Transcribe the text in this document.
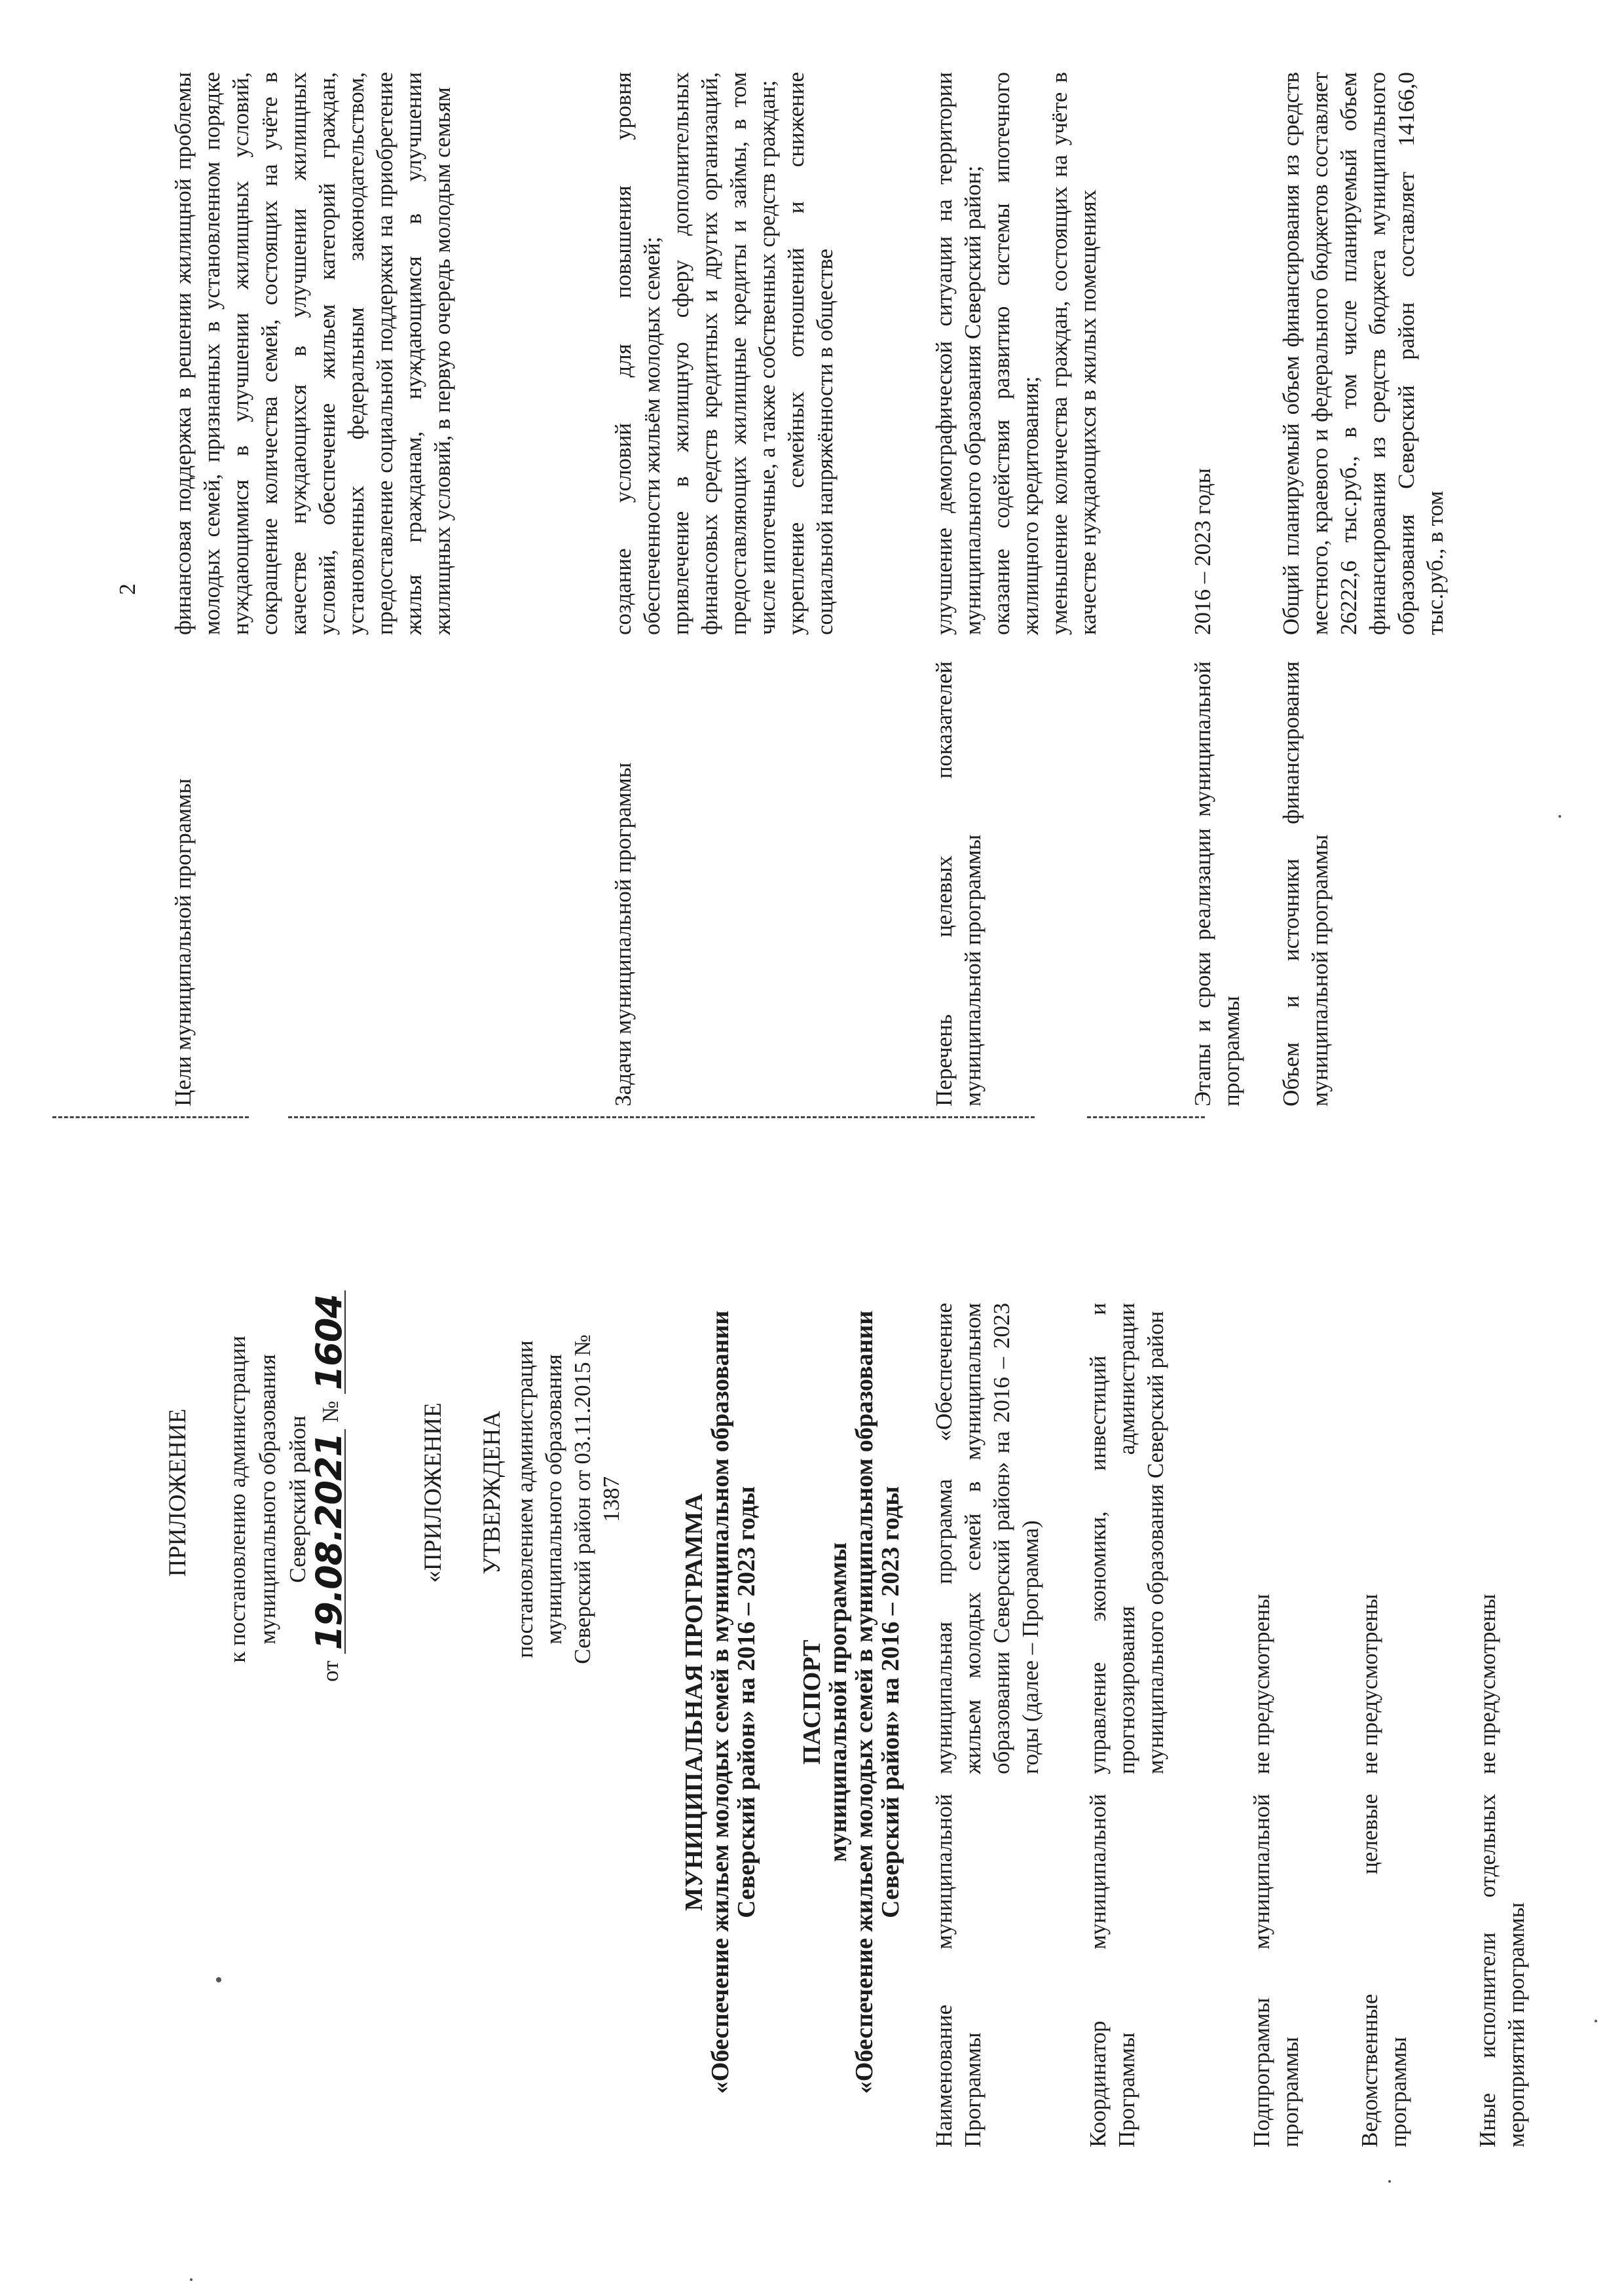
2
Цели муниципальной программы

финансовая поддержка в решении жилищной проблемы молодых семей, признанных в установленном порядке нуждающимися в улучшении жилищных условий, сокращение количества семей, состоящих на учёте в качестве нуждающихся в улучшении жилищных условий, обеспечение жильем категорий граждан, установленных федеральным законодательством, предоставление социальной поддержки на приобретение жилья гражданам, нуждающимся в улучшении жилищных условий, в первую очередь молодым семьям

Задачи муниципальной программы

создание условий для повышения уровня обеспеченности жильём молодых семей; привлечение в жилищную сферу дополнительных финансовых средств кредитных и других организаций, предоставляющих жилищные кредиты и займы, в том числе ипотечные, а также собственных средств граждан; укрепление семейных отношений и снижение социальной напряжённости в обществе

Перечень целевых показателей муниципальной программы

улучшение демографической ситуации на территории муниципального образования Северский район; оказание содействия развитию системы ипотечного жилищного кредитования; уменьшение количества граждан, состоящих на учёте в качестве нуждающихся в жилых помещениях

Этапы и сроки реализации муниципальной программы

2016 – 2023 годы

Объем и источники финансирования муниципальной программы

Общий планируемый объем финансирования из средств местного, краевого и федерального бюджетов составляет 26222,6 тыс.руб., в том числе планируемый объем финансирования из средств бюджета муниципального образования Северский район составляет 14166,0 тыс.руб., в том

ПРИЛОЖЕНИЕ к постановлению администрации муниципального образования Северский район
от
19.08.2021
№
1604
«ПРИЛОЖЕНИЕ УТВЕРЖДЕНА постановлением администрации муниципального образования Северский район от 03.11.2015 № 1387 МУНИЦИПАЛЬНАЯ ПРОГРАММА
«Обеспечение жильем молодых семей в муниципальном образовании
Северский район» на 2016 – 2023 годы ПАСПОРТ
муниципальной программы
«Обеспечение жильем молодых семей в муниципальном образовании
Северский район» на 2016 – 2023 годы
Наименование муниципальной Программы
муниципальная программа «Обеспечение жильем молодых семей в муниципальном образовании Северский район» на 2016 – 2023 годы (далее – Программа)
Координатор муниципальной Программы
управление экономики, инвестиций и прогнозирования администрации муниципального образования Северский район
Подпрограммы муниципальной программы
не предусмотрены
Ведомственные целевые программы
не предусмотрены
Иные исполнители отдельных мероприятий программы
не предусмотрены
